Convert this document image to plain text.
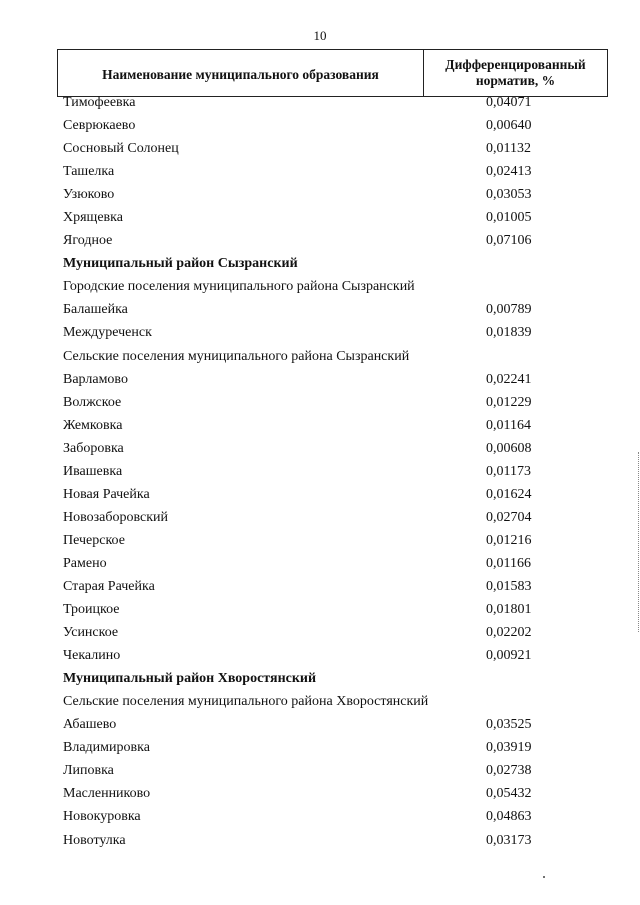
10
Наименование муниципального образования
Дифференцированный
норматив, %
Тимофеевка	0,04071
Севрюкаево	0,00640
Сосновый Солонец	0,01132
Ташелка	0,02413
Узюково	0,03053
Хрящевка	0,01005
Ягодное	0,07106
Муниципальный район Сызранский
Городские поселения муниципального района Сызранский
Балашейка	0,00789
Междуреченск	0,01839
Сельские поселения муниципального района Сызранский
Варламово	0,02241
Волжское	0,01229
Жемковка	0,01164
Заборовка	0,00608
Ивашевка	0,01173
Новая Рачейка	0,01624
Новозаборовский	0,02704
Печерское	0,01216
Рамено	0,01166
Старая Рачейка	0,01583
Троицкое	0,01801
Усинское	0,02202
Чекалино	0,00921
Муниципальный район Хворостянский
Сельские поселения муниципального района Хворостянский
Абашево	0,03525
Владимировка	0,03919
Липовка	0,02738
Масленниково	0,05432
Новокуровка	0,04863
Новотулка	0,03173
